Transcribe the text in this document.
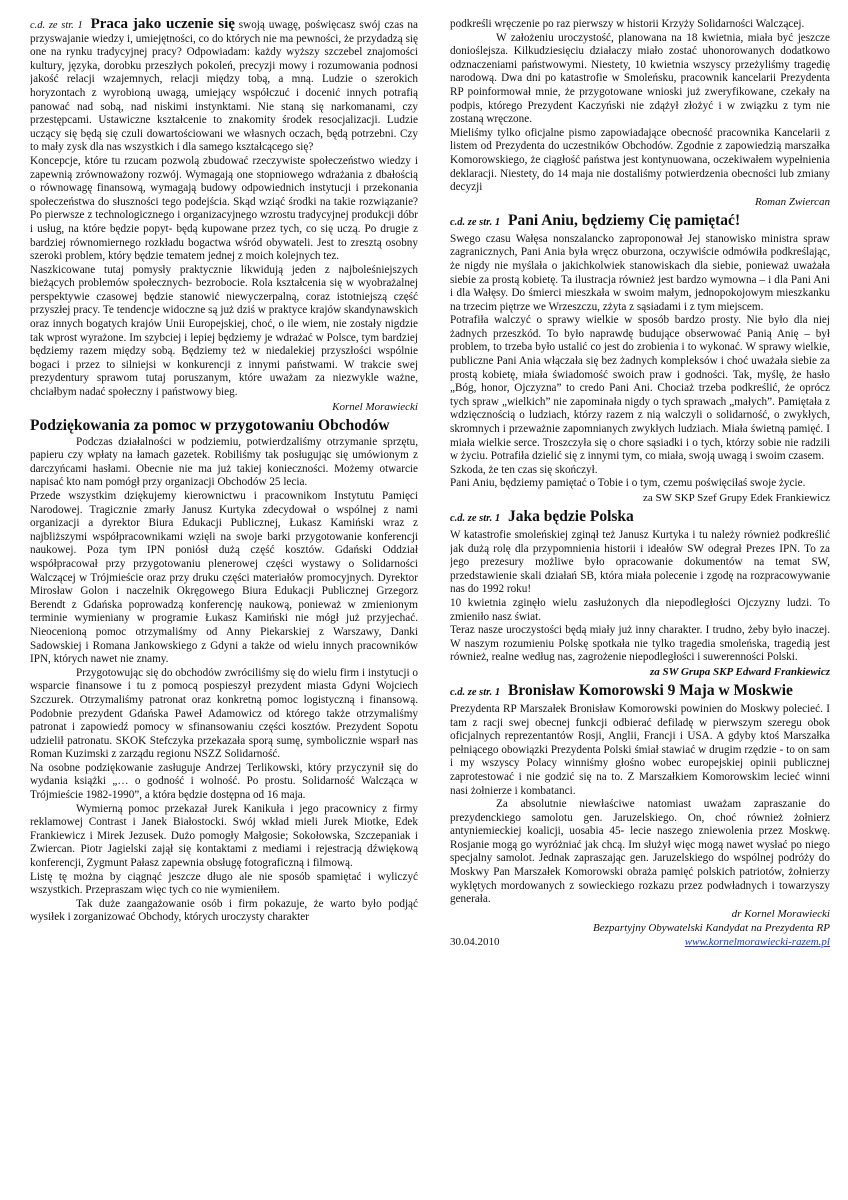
c.d. ze str. 1 Praca jako uczenie się swoją uwagę, poświęcasz swój czas na przyswajanie wiedzy i, umiejętności, co do których nie ma pewności, że przydadzą się one na rynku tradycyjnej pracy? Odpowiadam: każdy wyższy szczebel znajomości kultury, języka, dorobku przeszłych pokoleń, precyzji mowy i rozumowania podnosi jakość relacji wzajemnych, relacji między tobą, a mną. Ludzie o szerokich horyzontach z wyrobioną uwagą, umiejący współczuć i docenić innych potrafią panować nad sobą, nad niskimi instynktami. Nie staną się narkomanami, czy przestępcami. Ustawiczne kształcenie to znakomity środek resocjalizacji. Ludzie uczący się będą się czuli dowartościowani we własnych oczach, będą potrzebni. Czy to mały zysk dla nas wszystkich i dla samego kształcącego się?

Koncepcje, które tu rzucam pozwolą zbudować rzeczywiste społeczeństwo wiedzy i zapewnią zrównoważony rozwój. Wymagają one stopniowego wdrażania z dbałością o równowagę finansową, wymagają budowy odpowiednich instytucji i przekonania społeczeństwa do słuszności tego podejścia. Skąd wziąć środki na takie rozwiązanie? Po pierwsze z technologicznego i organizacyjnego wzrostu tradycyjnej produkcji dóbr i usług, na które będzie popyt- będą kupowane przez tych, co się uczą. Po drugie z bardziej równomiernego rozkładu bogactwa wśród obywateli. Jest to zresztą osobny szeroki problem, który będzie tematem jednej z moich kolejnych tez.

Naszkicowane tutaj pomysły praktycznie likwidują jeden z najboleśniejszych bieżących problemów społecznych- bezrobocie. Rola kształcenia się w wyobrażalnej perspektywie czasowej będzie stanowić niewyczerpalną, coraz istotniejszą część przyszłej pracy. Te tendencje widoczne są już dziś w praktyce krajów skandynawskich oraz innych bogatych krajów Unii Europejskiej, choć, o ile wiem, nie zostały nigdzie tak wprost wyrażone. Im szybciej i lepiej będziemy je wdrażać w Polsce, tym bardziej będziemy razem między sobą. Będziemy też w niedalekiej przyszłości wspólnie bogaci i przez to silniejsi w konkurencji z innymi państwami. W trakcie swej prezydentury sprawom tutaj poruszanym, które uważam za niezwykle ważne, chciałbym nadać społeczny i państwowy bieg.

Kornel Morawiecki
Podziękowania za pomoc w przygotowaniu Obchodów

Podczas działalności w podziemiu, potwierdzaliśmy otrzymanie sprzętu, papieru czy wpłaty na łamach gazetek. Robiliśmy tak posługując się umówionym z darczyńcami hasłami. Obecnie nie ma już takiej konieczności. Możemy otwarcie napisać kto nam pomógł przy organizacji Obchodów 25 lecia.

Przede wszystkim dziękujemy kierownictwu i pracownikom Instytutu Pamięci Narodowej. Tragicznie zmarły Janusz Kurtyka zdecydował o wspólnej z nami organizacji a dyrektor Biura Edukacji Publicznej, Łukasz Kamiński wraz z najbliższymi współpracownikami wzięli na swoje barki przygotowanie konferencji naukowej. Poza tym IPN poniósł dużą część kosztów. Gdański Oddział współpracował przy przygotowaniu plenerowej części wystawy o Solidarności Walczącej w Trójmieście oraz przy druku części materiałów promocyjnych. Dyrektor Mirosław Golon i naczelnik Okręgowego Biura Edukacji Publicznej Grzegorz Berendt z Gdańska poprowadzą konferencję naukową, ponieważ w zmienionym terminie wymieniany w programie Łukasz Kamiński nie mógł już przyjechać. Nieocenioną pomoc otrzymaliśmy od Anny Piekarskiej z Warszawy, Danki Sadowskiej i Romana Jankowskiego z Gdyni a także od wielu innych pracowników IPN, których nawet nie znamy.

Przygotowując się do obchodów zwróciliśmy się do wielu firm i instytucji o wsparcie finansowe i tu z pomocą pospieszył prezydent miasta Gdyni Wojciech Szczurek. Otrzymaliśmy patronat oraz konkretną pomoc logistyczną i finansową. Podobnie prezydent Gdańska Paweł Adamowicz od którego także otrzymaliśmy patronat i zapowiedź pomocy w sfinansowaniu części kosztów. Prezydent Sopotu udzielił patronatu. SKOK Stefczyka przekazała sporą sumę, symbolicznie wsparł nas Roman Kuzimski z zarządu regionu NSZZ Solidarność.

Na osobne podziękowanie zasługuje Andrzej Terlikowski, który przyczynił się do wydania książki „… o godność i wolność. Po prostu. Solidarność Walcząca w Trójmieście 1982-1990”, a która będzie dostępna od 16 maja.

Wymierną pomoc przekazał Jurek Kanikuła i jego pracownicy z firmy reklamowej Contrast i Janek Białostocki. Swój wkład mieli Jurek Miotke, Edek Frankiewicz i Mirek Jezusek. Dużo pomogły Małgosie; Sokołowska, Szczepaniak i Zwiercan. Piotr Jagielski zajął się kontaktami z mediami i rejestracją dźwiękową konferencji, Zygmunt Pałasz zapewnia obsługę fotograficzną i filmową.

Listę tę można by ciągnąć jeszcze długo ale nie sposób spamiętać i wyliczyć wszystkich. Przepraszam więc tych co nie wymieniłem.

Tak duże zaangażowanie osób i firm pokazuje, że warto było podjąć wysiłek i zorganizować Obchody, których uroczysty charakter

podkreśli wręczenie po raz pierwszy w historii Krzyży Solidarności Walczącej.

W założeniu uroczystość, planowana na 18 kwietnia, miała być jeszcze donioślejsza. Kilkudziesięciu działaczy miało zostać uhonorowanych dodatkowo odznaczeniami państwowymi. Niestety, 10 kwietnia wszyscy przeżyliśmy tragedię narodową. Dwa dni po katastrofie w Smoleńsku, pracownik kancelarii Prezydenta RP poinformował mnie, że przygotowane wnioski już zweryfikowane, czekały na podpis, którego Prezydent Kaczyński nie zdążył złożyć i w związku z tym nie zostaną wręczone.

Mieliśmy tylko oficjalne pismo zapowiadające obecność pracownika Kancelarii z listem od Prezydenta do uczestników Obchodów. Zgodnie z zapowiedzią marszałka Komorowskiego, że ciągłość państwa jest kontynuowana, oczekiwałem wypełnienia deklaracji. Niestety, do 14 maja nie dostaliśmy potwierdzenia obecności lub zmiany decyzji

Roman Zwiercan
c.d. ze str. 1 Pani Aniu, będziemy Cię pamiętać!

Swego czasu Wałęsa nonszalancko zaproponował Jej stanowisko ministra spraw zagranicznych, Pani Ania była wręcz oburzona, oczywiście odmówiła podkreślając, że nigdy nie myślała o jakichkolwiek stanowiskach dla siebie, ponieważ uważała siebie za prostą kobietę. Ta ilustracja również jest bardzo wymowna – i dla Pani Ani i dla Wałęsy. Do śmierci mieszkała w swoim małym, jednopokojowym mieszkanku na trzecim piętrze we Wrzeszczu, zżyta z sąsiadami i z tym miejscem.

Potrafiła walczyć o sprawy wielkie w sposób bardzo prosty. Nie było dla niej żadnych przeszkód. To było naprawdę budujące obserwować Panią Anię – był problem, to trzeba było ustalić co jest do zrobienia i to wykonać. W sprawy wielkie, publiczne Pani Ania włączała się bez żadnych kompleksów i choć uważała siebie za prostą kobietę, miała świadomość swoich praw i godności. Tak, myślę, że hasło „Bóg, honor, Ojczyzna” to credo Pani Ani. Chociaż trzeba podkreślić, że oprócz tych spraw „wielkich” nie zapominała nigdy o tych sprawach „małych”. Pamiętała z wdzięcznością o ludziach, którzy razem z nią walczyli o solidarność, o zwykłych, skromnych i przeważnie zapomnianych zwykłych ludziach. Miała świetną pamięć. I miała wielkie serce. Troszczyła się o chore sąsiadki i o tych, którzy sobie nie radzili w życiu. Potrafiła dzielić się z innymi tym, co miała, swoją uwagą i swoim czasem.

Szkoda, że ten czas się skończył.

Pani Aniu, będziemy pamiętać o Tobie i o tym, czemu poświęciłaś swoje życie.

za SW SKP Szef Grupy Edek Frankiewicz
c.d. ze str. 1 Jaka będzie Polska

W katastrofie smoleńskiej zginął też Janusz Kurtyka i tu należy również podkreślić jak dużą rolę dla przypomnienia historii i ideałów SW odegrał Prezes IPN. To za jego prezesury możliwe było opracowanie dokumentów na temat SW, przedstawienie skali działań SB, która miała polecenie i zgodę na rozpracowywanie nas do 1992 roku!

10 kwietnia zginęło wielu zasłużonych dla niepodległości Ojczyzny ludzi. To zmieniło nasz świat.

Teraz nasze uroczystości będą miały już inny charakter. I trudno, żeby było inaczej. W naszym rozumieniu Polskę spotkała nie tylko tragedia smoleńska, tragedią jest również, realne według nas, zagrożenie niepodległości i suwerenności Polski.

za SW Grupa SKP Edward Frankiewicz
c.d. ze str. 1 Bronisław Komorowski 9 Maja w Moskwie

Prezydenta RP Marszałek Bronisław Komorowski powinien do Moskwy polecieć. I tam z racji swej obecnej funkcji odbierać defiladę w pierwszym szeregu obok oficjalnych reprezentantów Rosji, Anglii, Francji i USA. A gdyby ktoś Marszałka pełniącego obowiązki Prezydenta Polski śmiał stawiać w drugim rzędzie - to on sam i my wszyscy Polacy winniśmy głośno wobec europejskiej opinii publicznej zaprotestować i nie godzić się na to. Z Marszałkiem Komorowskim lecieć winni nasi żołnierze i kombatanci.

Za absolutnie niewłaściwe natomiast uważam zapraszanie do prezydenckiego samolotu gen. Jaruzelskiego. On, choć również żołnierz antyniemieckiej koalicji, uosabia 45- lecie naszego zniewolenia przez Moskwę. Rosjanie mogą go wyróżniać jak chcą. Im służył więc mogą nawet wysłać po niego specjalny samolot. Jednak zapraszając gen. Jaruzelskiego do wspólnej podróży do Moskwy Pan Marszałek Komorowski obraża pamięć polskich patriotów, żołnierzy wyklętych mordowanych z sowieckiego rozkazu przez podwładnych i towarzyszy generała.

dr Kornel Morawiecki
Bezpartyjny Obywatelski Kandydat na Prezydenta RP
30.04.2010	www.kornelmorawiecki-razem.pl
